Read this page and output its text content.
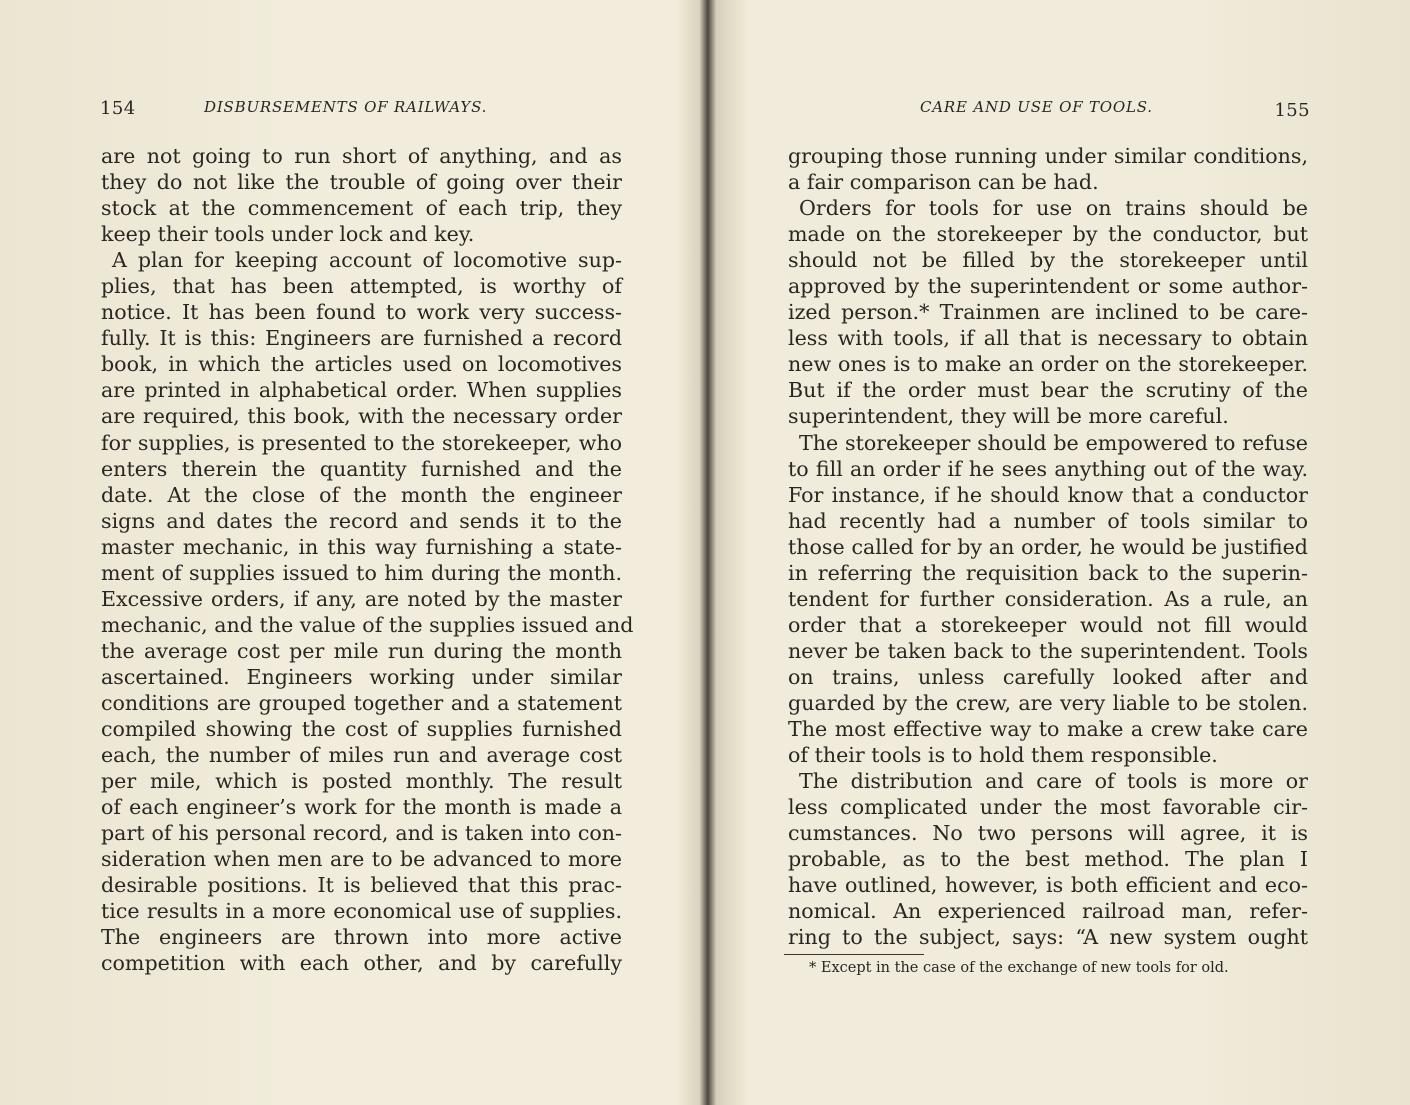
154	DISBURSEMENTS OF RAILWAYS.
are not going to run short of anything, and as
they do not like the trouble of going over their
stock at the commencement of each trip, they
keep their tools under lock and key.
A plan for keeping account of locomotive sup-
plies, that has been attempted, is worthy of
notice. It has been found to work very success-
fully. It is this: Engineers are furnished a record
book, in which the articles used on locomotives
are printed in alphabetical order. When supplies
are required, this book, with the necessary order
for supplies, is presented to the storekeeper, who
enters therein the quantity furnished and the
date. At the close of the month the engineer
signs and dates the record and sends it to the
master mechanic, in this way furnishing a state-
ment of supplies issued to him during the month.
Excessive orders, if any, are noted by the master
mechanic, and the value of the supplies issued and
the average cost per mile run during the month
ascertained. Engineers working under similar
conditions are grouped together and a statement
compiled showing the cost of supplies furnished
each, the number of miles run and average cost
per mile, which is posted monthly. The result
of each engineer’s work for the month is made a
part of his personal record, and is taken into con-
sideration when men are to be advanced to more
desirable positions. It is believed that this prac-
tice results in a more economical use of supplies.
The engineers are thrown into more active
competition with each other, and by carefully
CARE AND USE OF TOOLS.	155
grouping those running under similar conditions,
a fair comparison can be had.
Orders for tools for use on trains should be
made on the storekeeper by the conductor, but
should not be filled by the storekeeper until
approved by the superintendent or some author-
ized person.* Trainmen are inclined to be care-
less with tools, if all that is necessary to obtain
new ones is to make an order on the storekeeper.
But if the order must bear the scrutiny of the
superintendent, they will be more careful.
The storekeeper should be empowered to refuse
to fill an order if he sees anything out of the way.
For instance, if he should know that a conductor
had recently had a number of tools similar to
those called for by an order, he would be justified
in referring the requisition back to the superin-
tendent for further consideration. As a rule, an
order that a storekeeper would not fill would
never be taken back to the superintendent. Tools
on trains, unless carefully looked after and
guarded by the crew, are very liable to be stolen.
The most effective way to make a crew take care
of their tools is to hold them responsible.
The distribution and care of tools is more or
less complicated under the most favorable cir-
cumstances. No two persons will agree, it is
probable, as to the best method. The plan I
have outlined, however, is both efficient and eco-
nomical. An experienced railroad man, refer-
ring to the subject, says: “A new system ought
* Except in the case of the exchange of new tools for old.
